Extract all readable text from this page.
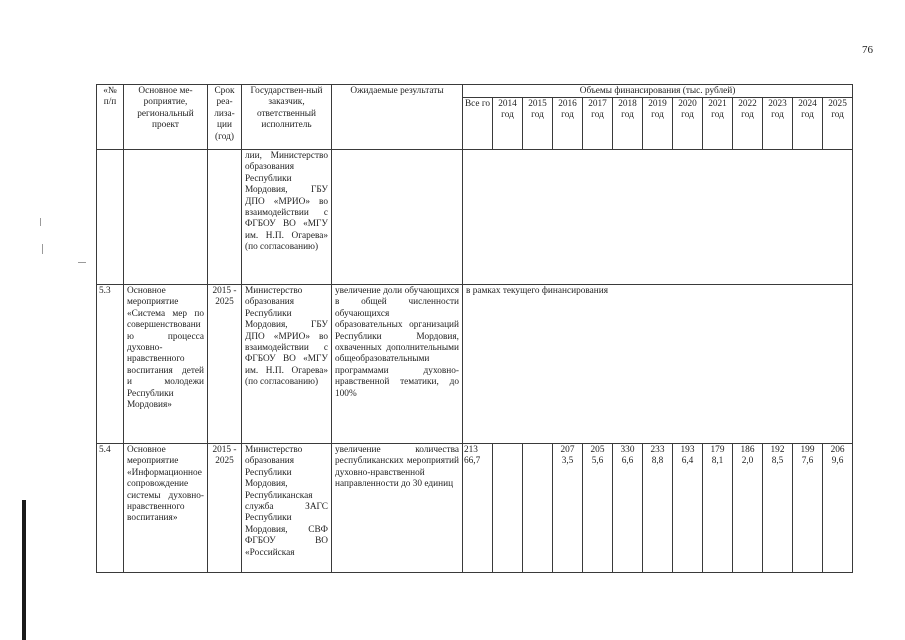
76
«№ п/п	Основное ме-роприятие, региональный проект	Срок реа-лиза-ции (год)	Государствен-ный заказчик, ответственный исполнитель	Ожидаемые результаты	Объемы финансирования (тыс. рублей)												
					Все го	2014 год	2015 год	2016 год	2017 год	2018 год	2019 год	2020 год	2021 год	2022 год	2023 год	2024 год	2025 год
			лии, Министерство образования Республики Мордовия, ГБУ ДПО «МРИО» во взаимодействии с ФГБОУ ВО «МГУ им. Н.П. Огарева» (по согласованию)														
5.3	Основное мероприятие «Система мер по совершенствованию процесса духовно-нравственного воспитания детей и молодежи Республики Мордовия»	2015 - 2025	Министерство образования Республики Мордовия, ГБУ ДПО «МРИО» во взаимодействии с ФГБОУ ВО «МГУ им. Н.П. Огарева» (по согласованию)	увеличение доли обучающихся в общей численности обучающихся образовательных организаций Республики Мордовия, охваченных дополнительными общеобразовательными программами духовно-нравственной тематики, до 100%	в рамках текущего финансирования												
5.4	Основное мероприятие «Информационное сопровождение системы духовно-нравственного воспитания»	2015 - 2025	Министерство образования Республики Мордовия, Республиканская служба ЗАГС Республики Мордовия, СВФ ФГБОУ ВО «Российская	увеличение количества республиканских мероприятий духовно-нравственной направленности до 30 единиц	213 66,7			207 3,5	205 5,6	330 6,6	233 8,8	193 6,4	179 8,1	186 2,0	192 8,5	199 7,6	206 9,6
